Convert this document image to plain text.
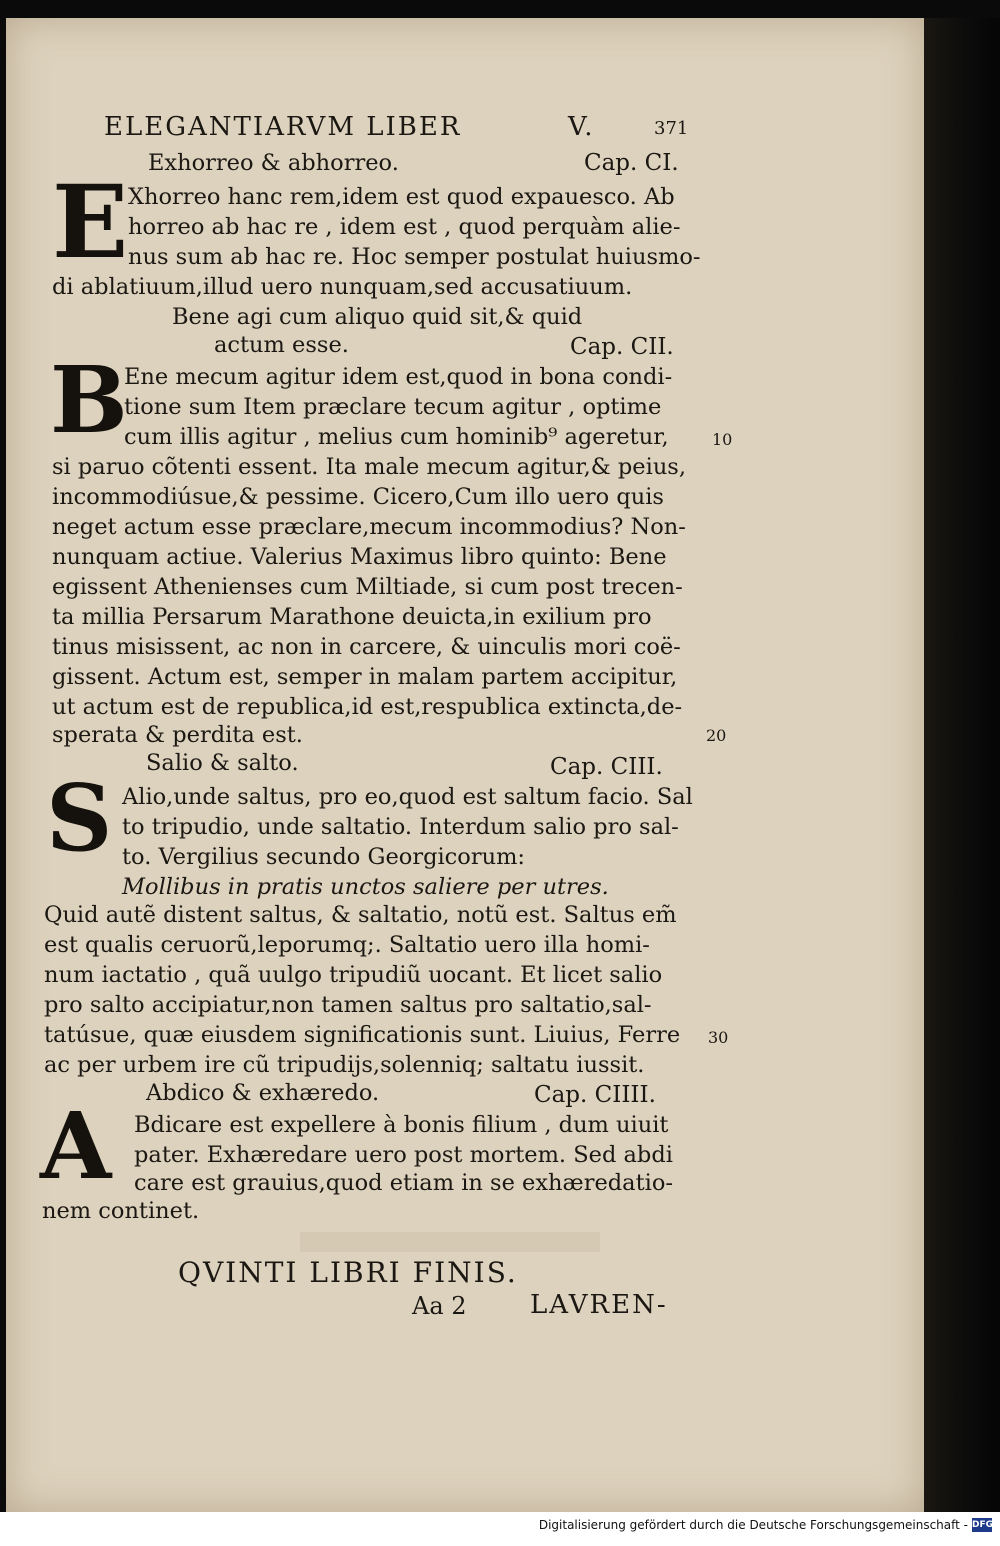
ELEGANTIARVM LIBER	V.	371
Exhorreo & abhorreo.	Cap. CI.
E Xhorreo hanc rem,idem est quod expauesco. Ab
horreo ab hac re , idem est , quod perquàm alie-
nus sum ab hac re. Hoc semper postulat huiusmo-
di ablatiuum,illud uero nunquam,sed accusatiuum.
Bene agi cum aliquo quid sit,& quid
actum esse.	Cap. CII.
B
Ene mecum agitur idem est,quod in bona condi-
tione sum Item præclare tecum agitur , optime
cum illis agitur , melius cum hominib⁹ ageretur,	10
si paruo cõtenti essent. Ita male mecum agitur,& peius,
incommodiúsue,& pessime. Cicero,Cum illo uero quis
neget actum esse præclare,mecum incommodius? Non-
nunquam actiue. Valerius Maximus libro quinto: Bene
egissent Athenienses cum Miltiade, si cum post trecen-
ta millia Persarum Marathone deuicta,in exilium pro
tinus misissent, ac non in carcere, & uinculis mori coë-
gissent. Actum est, semper in malam partem accipitur,
ut actum est de republica,id est,respublica extincta,de-
sperata & perdita est.	20
Salio & salto.	Cap. CIII.
S Alio,unde saltus, pro eo,quod est saltum facio. Sal
to tripudio, unde saltatio. Interdum salio pro sal-
to. Vergilius secundo Georgicorum:
Mollibus in pratis unctos saliere per utres.
Quid autẽ distent saltus, & saltatio, notũ est. Saltus em̃
est qualis ceruorũ,leporumq;. Saltatio uero illa homi-
num iactatio , quã uulgo tripudiũ uocant. Et licet salio
pro salto accipiatur,non tamen saltus pro saltatio,sal-
tatúsue, quæ eiusdem significationis sunt. Liuius, Ferre 30
ac per urbem ire cũ tripudijs,solenniq; saltatu iussit.
Abdico & exhæredo.	Cap. CIIII.
A Bdicare est expellere à bonis filium , dum uiuit
pater. Exhæredare uero post mortem. Sed abdi
care est grauius,quod etiam in se exhæredatio-
nem continet.
QVINTI LIBRI FINIS.
Aa 2 LAVREN-
Digitalisierung gefördert durch die Deutsche Forschungsgemeinschaft - DFG
